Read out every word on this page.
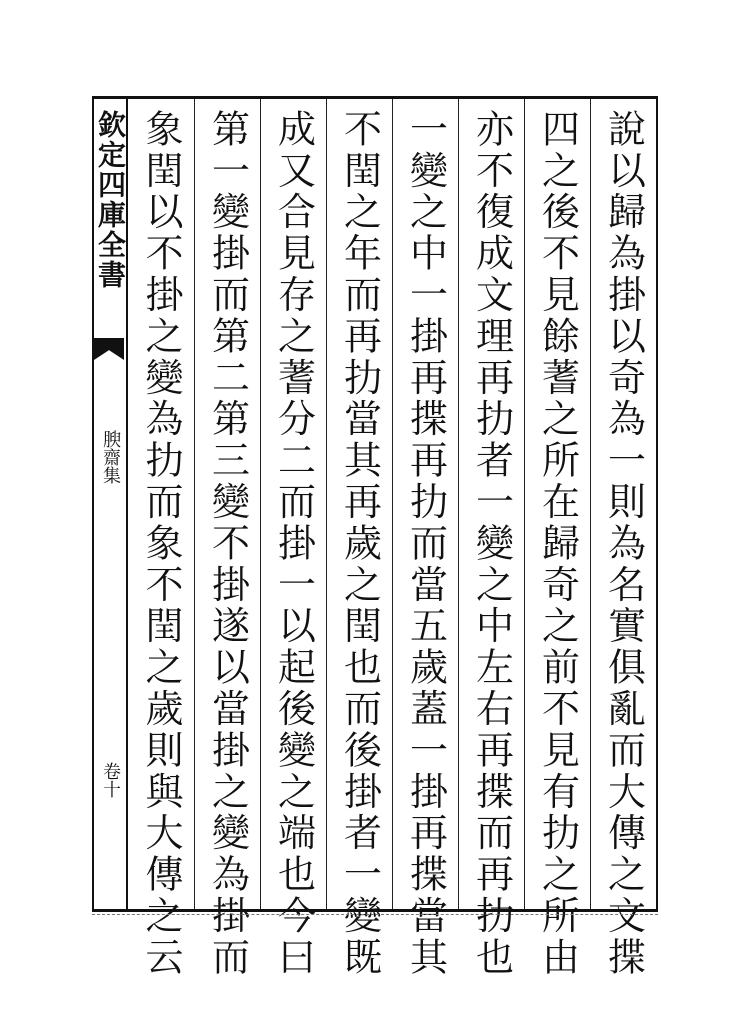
欽定四庫全書
腴齋集
卷十	說以歸為掛以奇為一則為名實俱亂而大傳之文揲
四之後不見餘蓍之所在歸奇之前不見有扐之所由
亦不復成文理再扐者一變之中左右再揲而再扐也
一變之中一掛再揲再扐而當五歲蓋一掛再揲當其
不閏之年而再扐當其再歲之閏也而後掛者一變既
成又合見存之蓍分二而掛一以起後變之端也今曰
第一變掛而第二第三變不掛遂以當掛之變為掛而
象閏以不掛之變為扐而象不閏之歲則與大傳之云
